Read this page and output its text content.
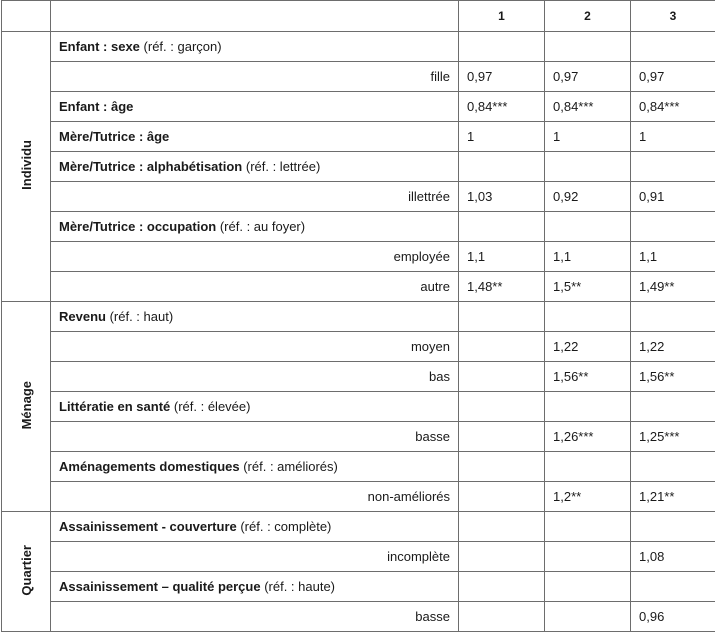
		1	2	3
Individu	Enfant : sexe (réf. : garçon)			
	fille	0,97	0,97	0,97
	Enfant : âge	0,84***	0,84***	0,84***
	Mère/Tutrice : âge	1	1	1
	Mère/Tutrice : alphabétisation (réf. : lettrée)			
	illettrée	1,03	0,92	0,91
	Mère/Tutrice : occupation (réf. : au foyer)			
	employée	1,1	1,1	1,1
	autre	1,48**	1,5**	1,49**
Ménage	Revenu (réf. : haut)			
	moyen		1,22	1,22
	bas		1,56**	1,56**
	Littératie en santé (réf. : élevée)			
	basse		1,26***	1,25***
	Aménagements domestiques (réf. : améliorés)			
	non-améliorés		1,2**	1,21**
Quartier	Assainissement - couverture (réf. : complète)			
	incomplète			1,08
	Assainissement – qualité perçue (réf. : haute)			
	basse			0,96
